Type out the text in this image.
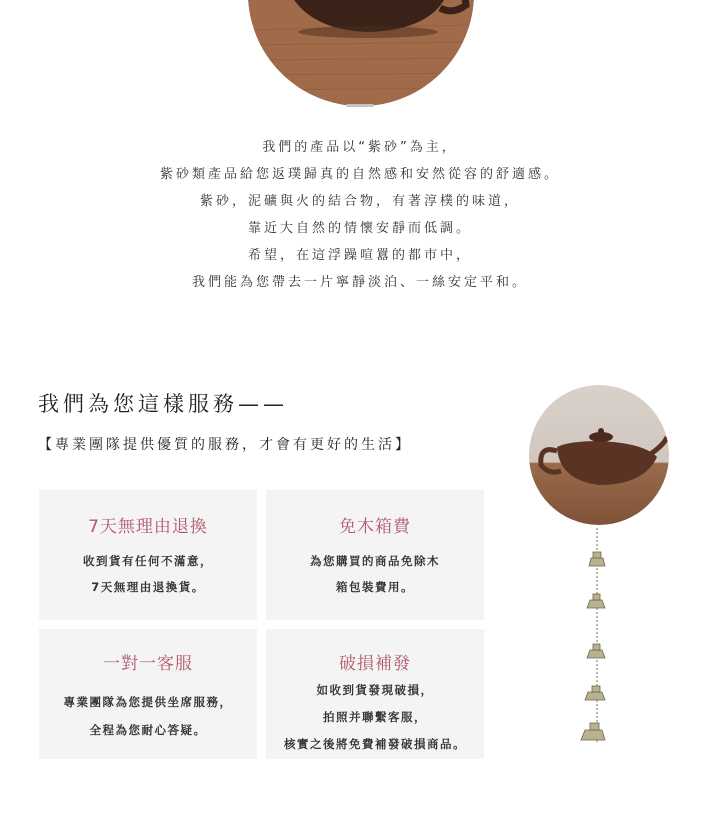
我們的產品以“紫砂”為主，

紫砂類產品給您返璞歸真的自然感和安然從容的舒適感。

紫砂，泥礦與火的結合物，有著淳樸的味道，

靠近大自然的情懷安靜而低調。

希望，在這浮躁喧囂的都市中，

我們能為您帶去一片寧靜淡泊、一絲安定平和。

我們為您這樣服務——
【專業團隊提供優質的服務，才會有更好的生活】
7天無理由退換
收到貨有任何不滿意，
7天無理由退換貨。
免木箱費
為您購買的商品免除木
箱包裝費用。
一對一客服
專業團隊為您提供坐席服務，
全程為您耐心答疑。
破損補發
如收到貨發現破損，
拍照并聯繫客服，
核實之後將免費補發破損商品。
